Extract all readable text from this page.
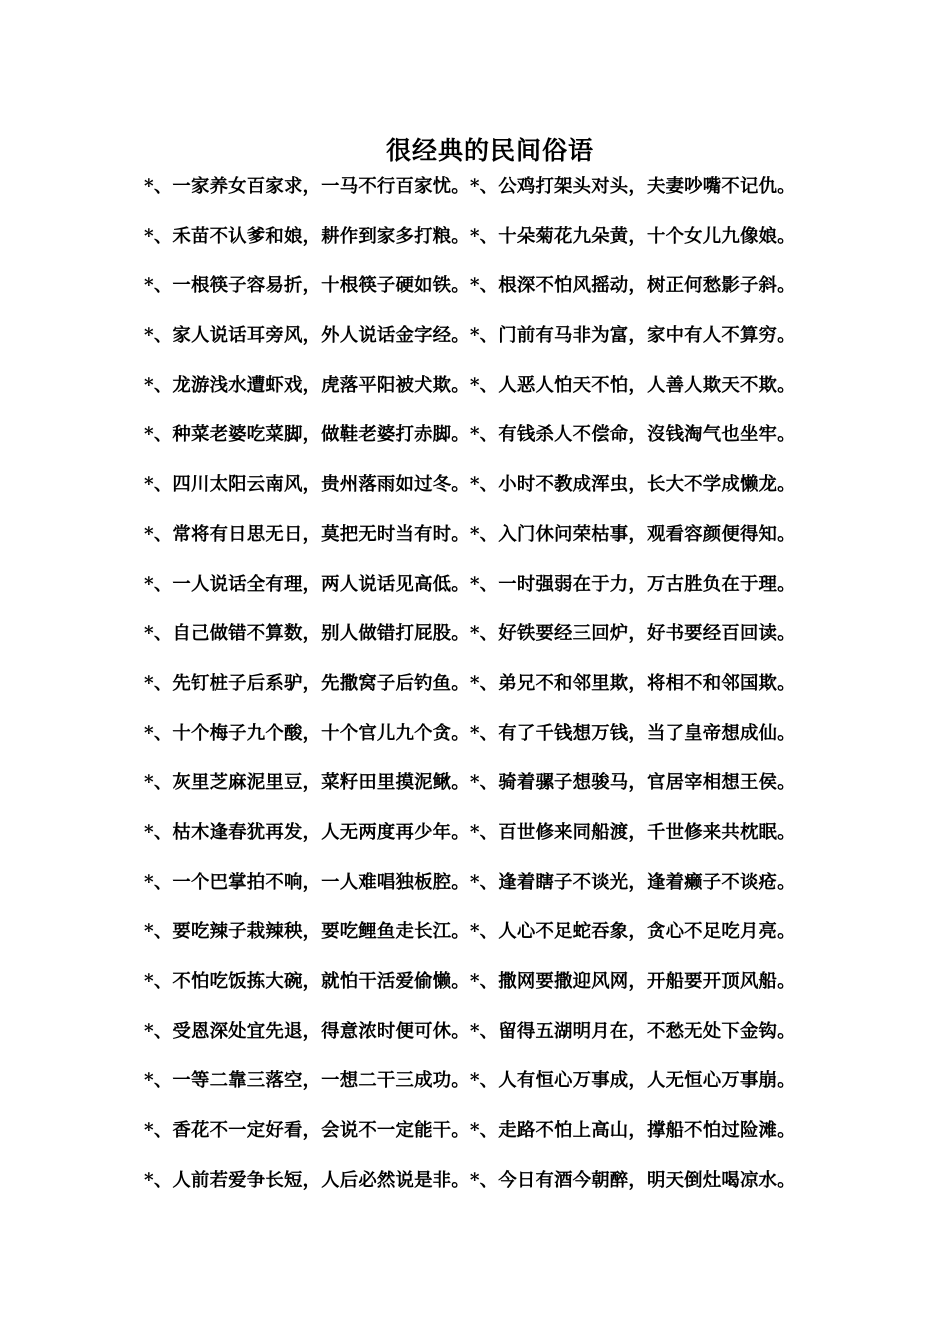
很经典的民间俗语
*、一家养女百家求，一马不行百家忧。*、公鸡打架头对头，夫妻吵嘴不记仇。
*、禾苗不认爹和娘，耕作到家多打粮。*、十朵菊花九朵黄，十个女儿九像娘。
*、一根筷子容易折，十根筷子硬如铁。*、根深不怕风摇动，树正何愁影子斜。
*、家人说话耳旁风，外人说话金字经。*、门前有马非为富，家中有人不算穷。
*、龙游浅水遭虾戏，虎落平阳被犬欺。*、人恶人怕天不怕，人善人欺天不欺。
*、种菜老婆吃菜脚，做鞋老婆打赤脚。*、有钱杀人不偿命，沒钱淘气也坐牢。
*、四川太阳云南风，贵州落雨如过冬。*、小时不教成浑虫，长大不学成懒龙。
*、常将有日思无日，莫把无时当有时。*、入门休问荣枯事，观看容颜便得知。
*、一人说话全有理，两人说话见高低。*、一时强弱在于力，万古胜负在于理。
*、自己做错不算数，别人做错打屁股。*、好铁要经三回炉，好书要经百回读。
*、先钉桩子后系驴，先撒窝子后钓鱼。*、弟兄不和邻里欺，将相不和邻国欺。
*、十个梅子九个酸，十个官儿九个贪。*、有了千钱想万钱，当了皇帝想成仙。
*、灰里芝麻泥里豆，菜籽田里摸泥鳅。*、骑着骡子想骏马，官居宰相想王侯。
*、枯木逢春犹再发，人无两度再少年。*、百世修来同船渡，千世修来共枕眠。
*、一个巴掌拍不响，一人难唱独板腔。*、逢着瞎子不谈光，逢着癞子不谈疮。
*、要吃辣子栽辣秧，要吃鲤鱼走长江。*、人心不足蛇吞象，贪心不足吃月亮。
*、不怕吃饭拣大碗，就怕干活爱偷懒。*、撒网要撒迎风网，开船要开顶风船。
*、受恩深处宜先退，得意浓时便可休。*、留得五湖明月在，不愁无处下金钩。
*、一等二靠三落空，一想二干三成功。*、人有恒心万事成，人无恒心万事崩。
*、香花不一定好看，会说不一定能干。*、走路不怕上高山，撑船不怕过险滩。
*、人前若爱争长短，人后必然说是非。*、今日有酒今朝醉，明天倒灶喝凉水。
